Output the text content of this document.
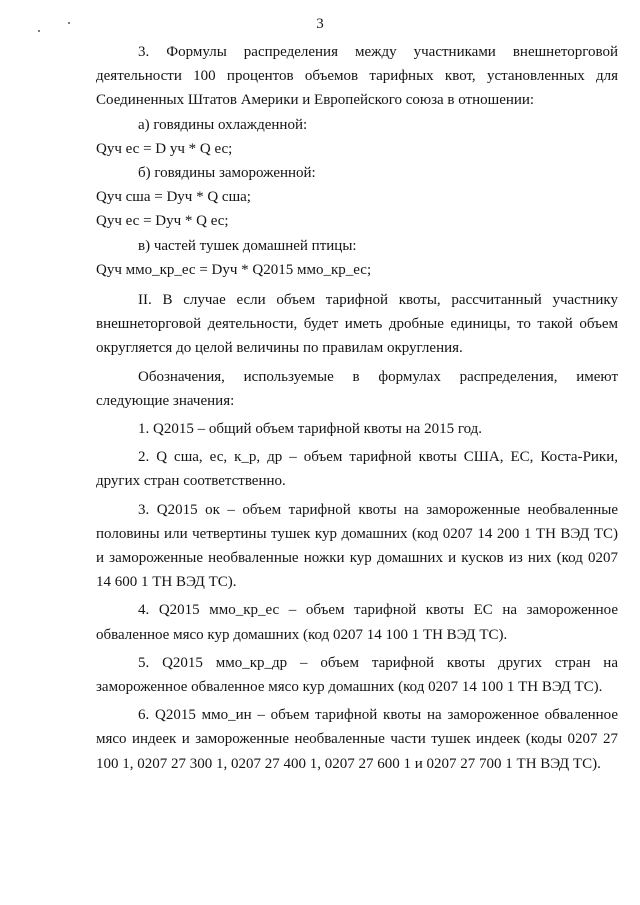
3

3. Формулы распределения между участниками внешнеторговой деятельности 100 процентов объемов тарифных квот, установленных для Соединенных Штатов Америки и Европейского союза в отношении:

а) говядины охлажденной:

Qуч ес = D уч * Q ес;

б) говядины замороженной:

Qуч сша = Dуч * Q сша;

Qуч ес = Dуч * Q ес;

в) частей тушек домашней птицы:

Qуч ммо_кр_ес = Dуч * Q2015 ммо_кр_ес;

II. В случае если объем тарифной квоты, рассчитанный участнику внешнеторговой деятельности, будет иметь дробные единицы, то такой объем округляется до целой величины по правилам округления.

Обозначения, используемые в формулах распределения, имеют следующие значения:

1. Q2015 – общий объем тарифной квоты на 2015 год.

2. Q сша, ес, к_р, др – объем тарифной квоты США, ЕС, Коста-Рики, других стран соответственно.

3. Q2015 ок – объем тарифной квоты на замороженные необваленные половины или четвертины тушек кур домашних (код 0207 14 200 1 ТН ВЭД ТС) и замороженные необваленные ножки кур домашних и кусков из них (код 0207 14 600 1 ТН ВЭД ТС).

4. Q2015 ммо_кр_ес – объем тарифной квоты ЕС на замороженное обваленное мясо кур домашних (код 0207 14 100 1 ТН ВЭД ТС).

5. Q2015 ммо_кр_др – объем тарифной квоты других стран на замороженное обваленное мясо кур домашних (код 0207 14 100 1 ТН ВЭД ТС).

6. Q2015 ммо_ин – объем тарифной квоты на замороженное обваленное мясо индеек и замороженные необваленные части тушек индеек (коды 0207 27 100 1, 0207 27 300 1, 0207 27 400 1, 0207 27 600 1 и 0207 27 700 1 ТН ВЭД ТС).
